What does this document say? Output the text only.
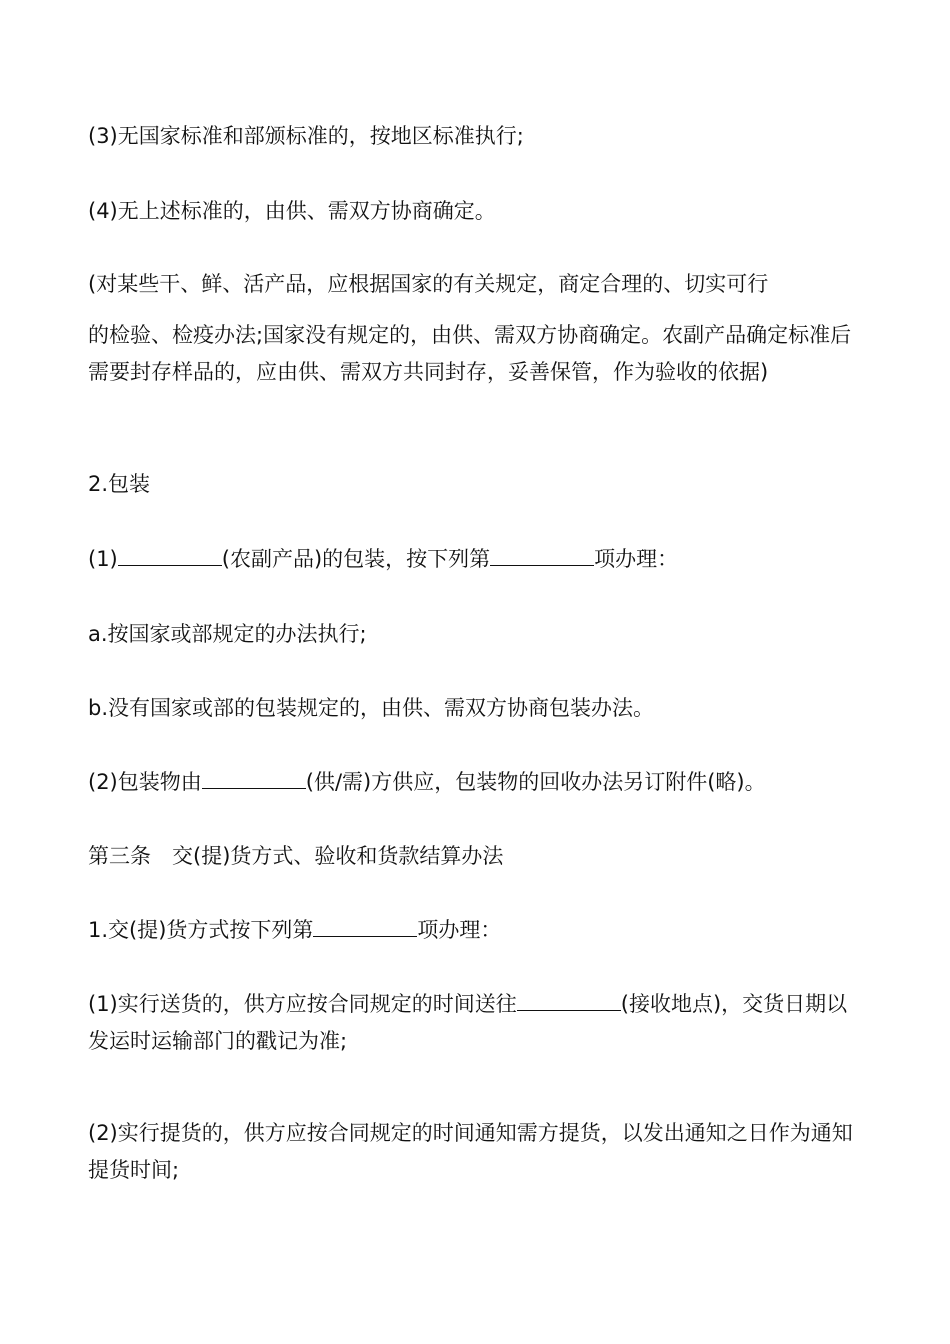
(3)无国家标准和部颁标准的，按地区标准执行;

(4)无上述标准的，由供、需双方协商确定。

(对某些干、鲜、活产品，应根据国家的有关规定，商定合理的、切实可行

的检验、检疫办法;国家没有规定的，由供、需双方协商确定。农副产品确定标准后需要封存样品的，应由供、需双方共同封存，妥善保管，作为验收的依据)

2.包装

(1)	(农副产品)的包装，按下列第	项办理：

a.按国家或部规定的办法执行;

b.没有国家或部的包装规定的，由供、需双方协商包装办法。

(2)包装物由	(供/需)方供应，包装物的回收办法另订附件(略)。

第三条　交(提)货方式、验收和货款结算办法

1.交(提)货方式按下列第	项办理：

(1)实行送货的，供方应按合同规定的时间送往	(接收地点)，交货日期以发运时运输部门的戳记为准;

(2)实行提货的，供方应按合同规定的时间通知需方提货，以发出通知之日作为通知提货时间;
